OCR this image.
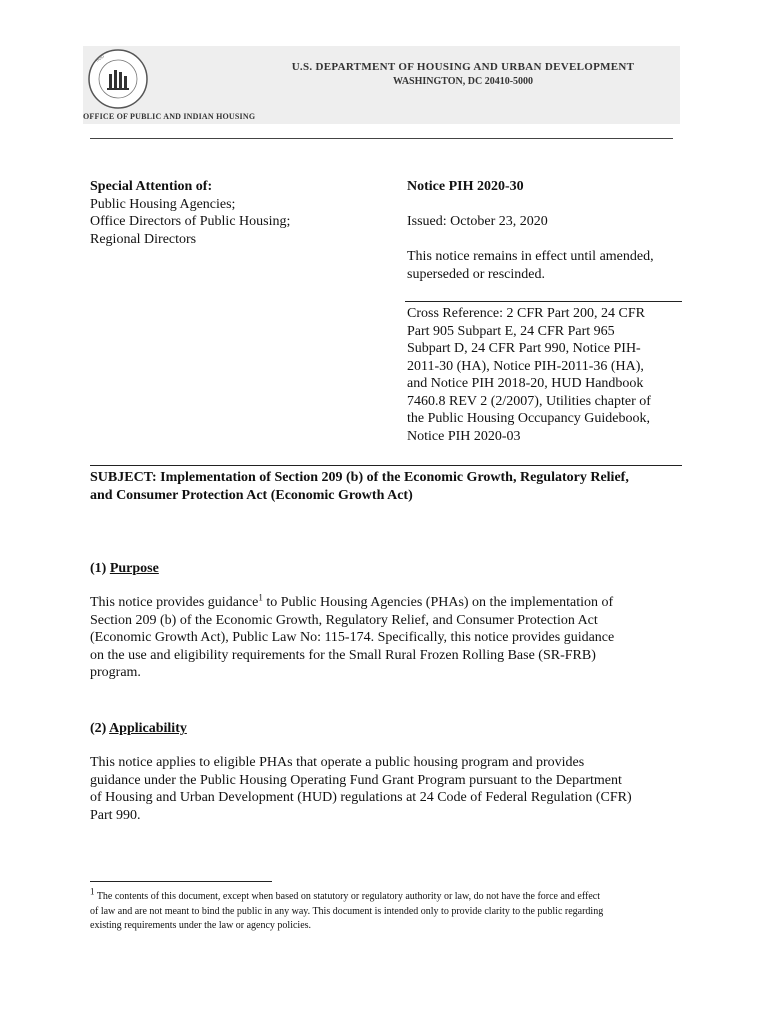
HUD
U.S. DEPARTMENT OF HOUSING AND URBAN DEVELOPMENT
WASHINGTON, DC 20410-5000
OFFICE OF PUBLIC AND INDIAN HOUSING
Special Attention of:
Public Housing Agencies;
Office Directors of Public Housing;
Regional Directors
Notice PIH 2020-30
Issued: October 23, 2020
This notice remains in effect until amended,
superseded or rescinded.
Cross Reference: 2 CFR Part 200, 24 CFR
Part 905 Subpart E, 24 CFR Part 965
Subpart D, 24 CFR Part 990, Notice PIH-
2011-30 (HA), Notice PIH-2011-36 (HA),
and Notice PIH 2018-20, HUD Handbook
7460.8 REV 2 (2/2007), Utilities chapter of
the Public Housing Occupancy Guidebook,
Notice PIH 2020-03
SUBJECT: Implementation of Section 209 (b) of the Economic Growth, Regulatory Relief,
and Consumer Protection Act (Economic Growth Act)
(1) Purpose
This notice provides guidance$^1$ to Public Housing Agencies (PHAs) on the implementation of
Section 209 (b) of the Economic Growth, Regulatory Relief, and Consumer Protection Act
(Economic Growth Act), Public Law No: 115-174. Specifically, this notice provides guidance
on the use and eligibility requirements for the Small Rural Frozen Rolling Base (SR-FRB)
program.
(2) Applicability
This notice applies to eligible PHAs that operate a public housing program and provides
guidance under the Public Housing Operating Fund Grant Program pursuant to the Department
of Housing and Urban Development (HUD) regulations at 24 Code of Federal Regulation (CFR)
Part 990.
$^1$ The contents of this document, except when based on statutory or regulatory authority or law, do not have the force and effect
of law and are not meant to bind the public in any way. This document is intended only to provide clarity to the public regarding
existing requirements under the law or agency policies.
